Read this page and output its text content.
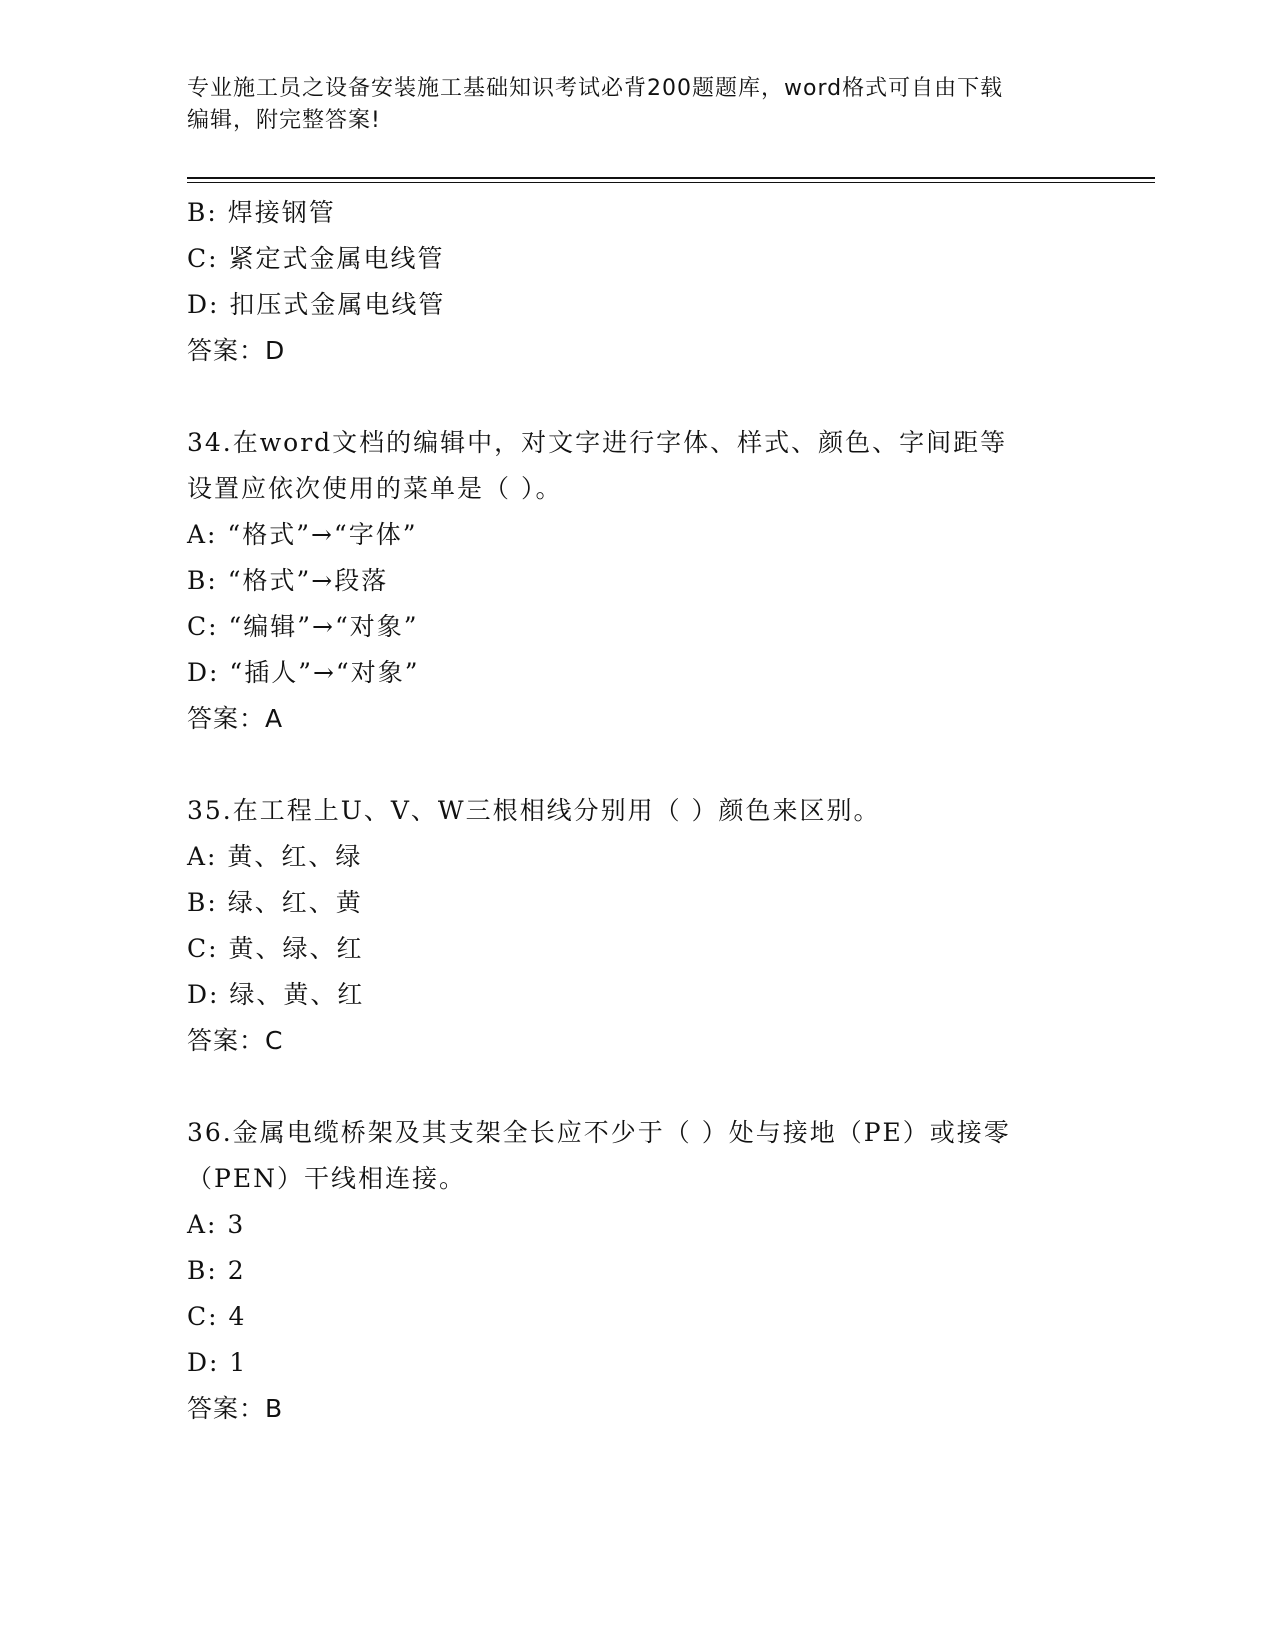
专业施工员之设备安装施工基础知识考试必背200题题库，word格式可自由下载
编辑，附完整答案!
B: 焊接钢管
C: 紧定式金属电线管
D: 扣压式金属电线管
答案：D
34.在word文档的编辑中，对文字进行字体、样式、颜色、字间距等
设置应依次使用的菜单是（ ）。
A: “格式”→“字体”
B: “格式”→段落
C: “编辑”→“对象”
D: “插人”→“对象”
答案：A
35.在工程上U、V、W三根相线分别用（ ）颜色来区别。
A: 黄、红、绿
B: 绿、红、黄
C: 黄、绿、红
D: 绿、黄、红
答案：C
36.金属电缆桥架及其支架全长应不少于（ ）处与接地（PE）或接零
（PEN）干线相连接。
A: 3
B: 2
C: 4
D: 1
答案：B
